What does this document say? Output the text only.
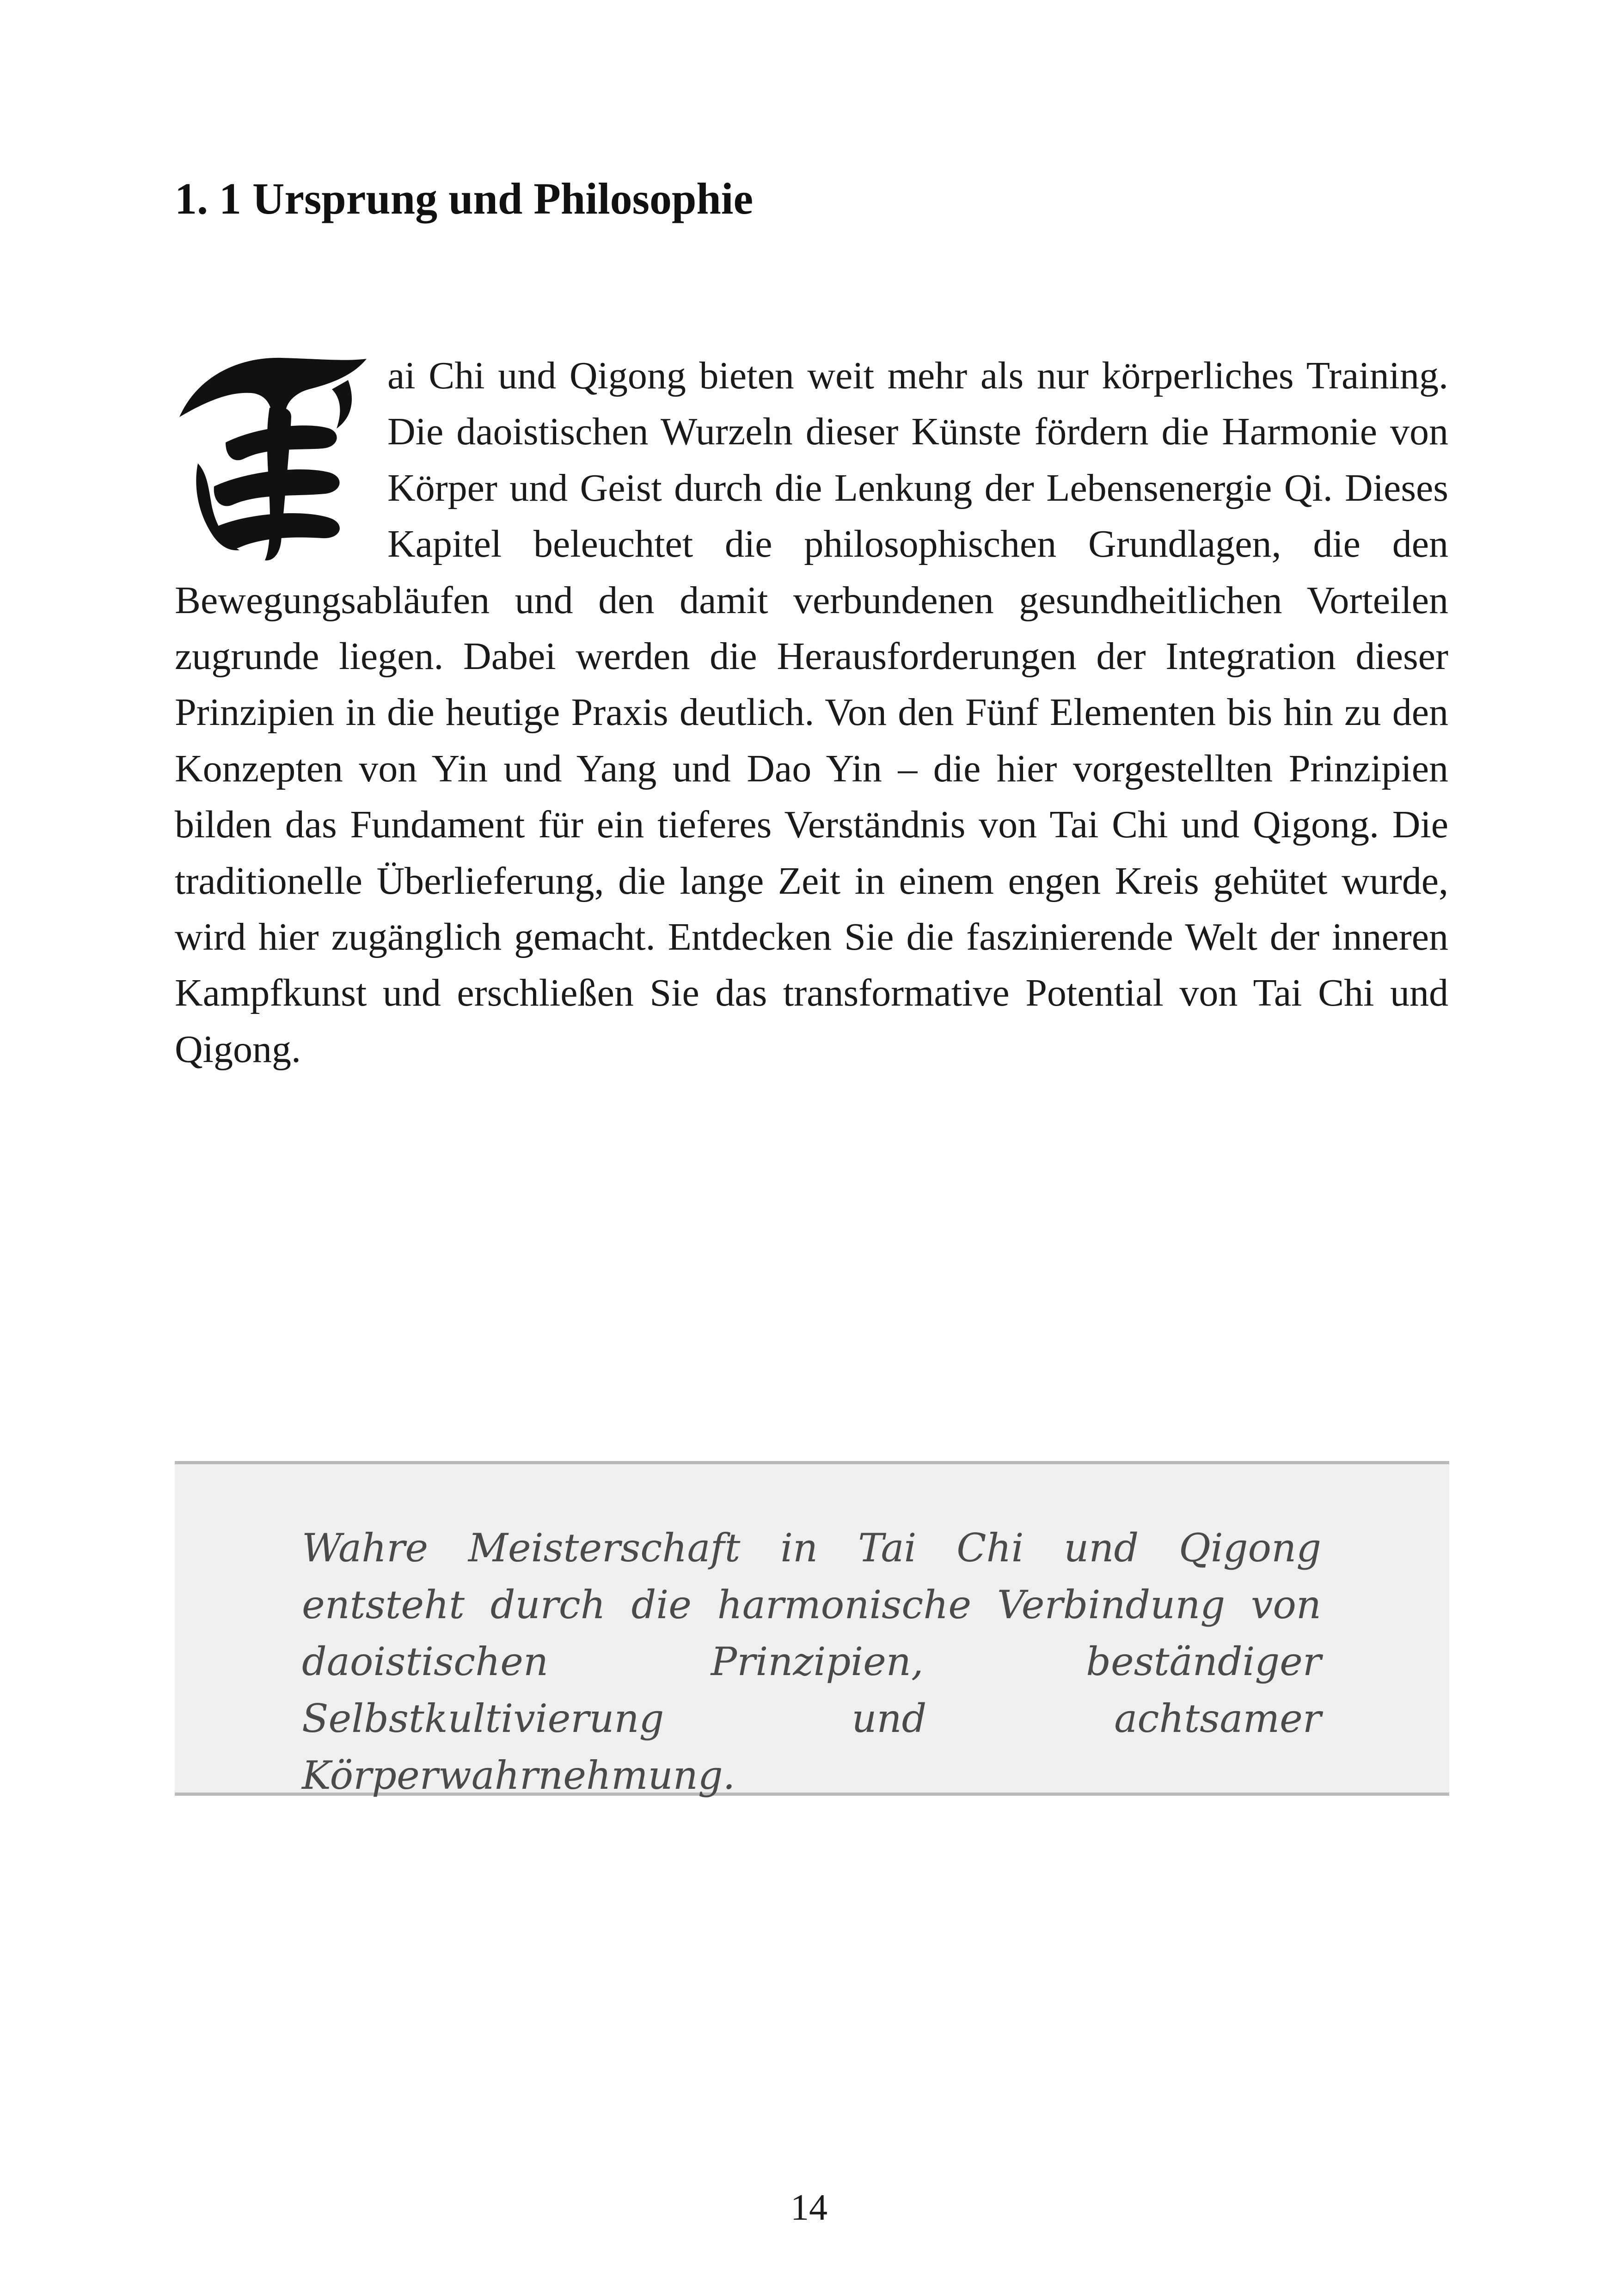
1. 1 Ursprung und Philosophie

ai Chi und Qigong bieten weit mehr als nur körperliches Training. Die daoistischen Wurzeln dieser Künste fördern die Harmonie von Körper und Geist durch die Lenkung der Lebensenergie Qi. Dieses Kapitel beleuchtet die philosophischen Grundlagen, die den Bewegungsabläufen und den damit verbundenen gesundheitlichen Vorteilen zugrunde liegen. Dabei werden die Herausforderungen der Integration dieser Prinzipien in die heutige Praxis deutlich. Von den Fünf Elementen bis hin zu den Konzepten von Yin und Yang und Dao Yin – die hier vorgestellten Prinzipien bilden das Fundament für ein tieferes Verständnis von Tai Chi und Qigong. Die traditionelle Überlieferung, die lange Zeit in einem engen Kreis gehütet wurde, wird hier zugänglich gemacht. Entdecken Sie die faszinierende Welt der inneren Kampfkunst und erschließen Sie das transformative Potential von Tai Chi und Qigong.

Wahre Meisterschaft in Tai Chi und Qigong entsteht durch die harmonische Verbindung von daoistischen Prinzipien, beständiger Selbstkultivierung und achtsamer Körperwahrnehmung.

14
